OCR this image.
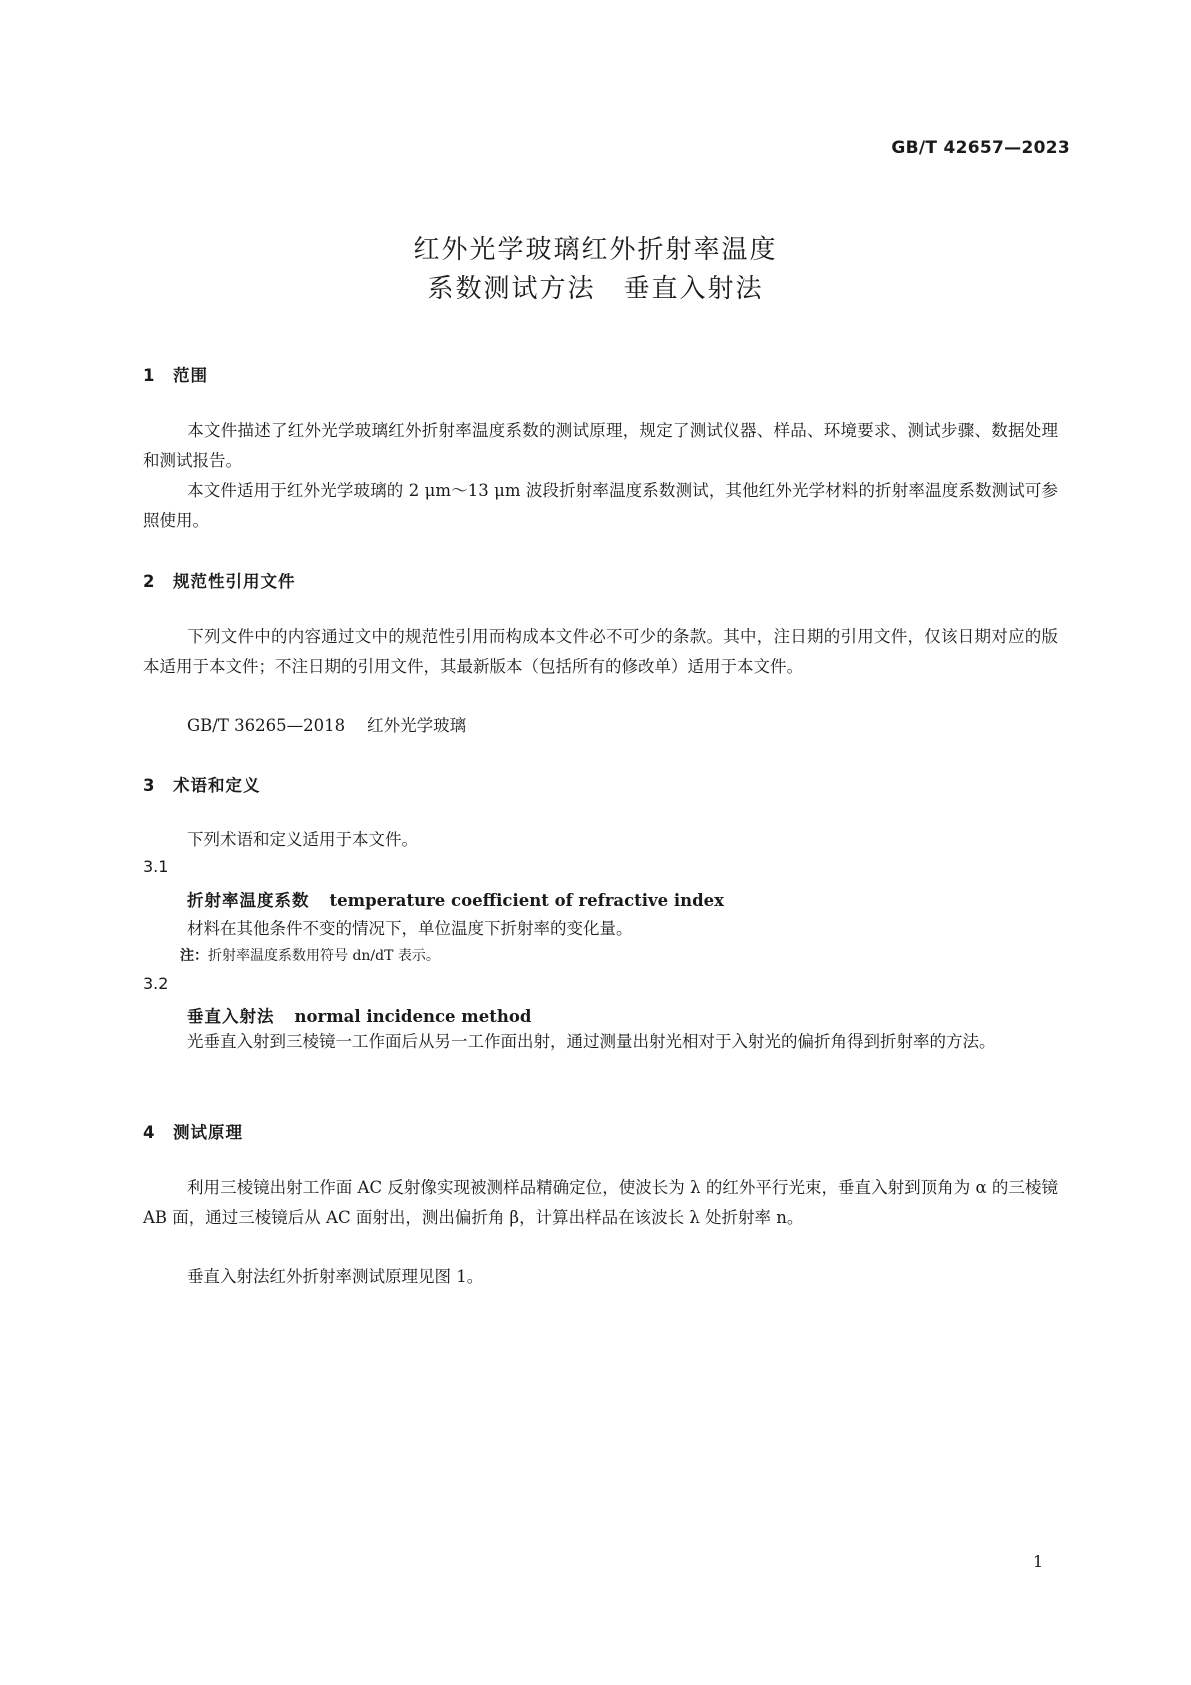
GB/T 42657—2023
红外光学玻璃红外折射率温度
系数测试方法　垂直入射法
1 范围
本文件描述了红外光学玻璃红外折射率温度系数的测试原理，规定了测试仪器、样品、环境要求、测试步骤、数据处理和测试报告。
本文件适用于红外光学玻璃的 2 μm～13 μm 波段折射率温度系数测试，其他红外光学材料的折射率温度系数测试可参照使用。
2 规范性引用文件
下列文件中的内容通过文中的规范性引用而构成本文件必不可少的条款。其中，注日期的引用文件，仅该日期对应的版本适用于本文件；不注日期的引用文件，其最新版本（包括所有的修改单）适用于本文件。
GB/T 36265—2018 红外光学玻璃
3 术语和定义
下列术语和定义适用于本文件。
3.1
折射率温度系数 temperature coefficient of refractive index
材料在其他条件不变的情况下，单位温度下折射率的变化量。
注：折射率温度系数用符号 dn/dT 表示。
3.2
垂直入射法 normal incidence method
光垂直入射到三棱镜一工作面后从另一工作面出射，通过测量出射光相对于入射光的偏折角得到折射率的方法。
4 测试原理
利用三棱镜出射工作面 AC 反射像实现被测样品精确定位，使波长为 λ 的红外平行光束，垂直入射到顶角为 α 的三棱镜 AB 面，通过三棱镜后从 AC 面射出，测出偏折角 β，计算出样品在该波长 λ 处折射率 n。
垂直入射法红外折射率测试原理见图 1。
1
